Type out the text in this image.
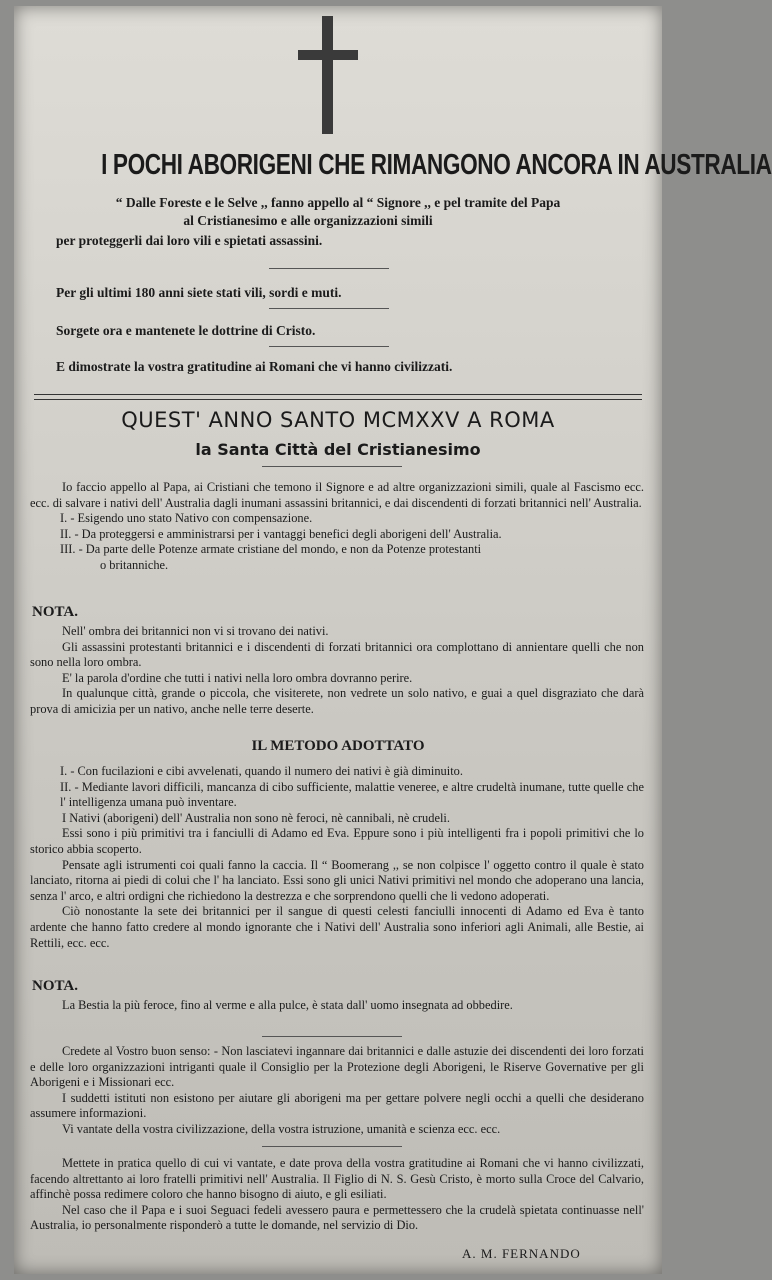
I POCHI ABORIGENI CHE RIMANGONO ANCORA IN AUSTRALIA
“ Dalle Foreste e le Selve ,, fanno appello al “ Signore ,, e pel tramite del Papa
al Cristianesimo e alle organizzazioni simili
per proteggerli dai loro vili e spietati assassini.
Per gli ultimi 180 anni siete stati vili, sordi e muti.
Sorgete ora e mantenete le dottrine di Cristo.
E dimostrate la vostra gratitudine ai Romani che vi hanno civilizzati.
QUEST' ANNO SANTO MCMXXV A ROMA
la Santa Città del Cristianesimo

Io faccio appello al Papa, ai Cristiani che temono il Signore e ad altre organizzazioni simili, quale al Fascismo ecc. ecc. di salvare i nativi dell' Australia dagli inumani assassini britannici, e dai discendenti di forzati britannici nell' Australia.

I. - Esigendo uno stato Nativo con compensazione.

II. - Da proteggersi e amministrarsi per i vantaggi benefici degli aborigeni dell' Australia.

III. - Da parte delle Potenze armate cristiane del mondo, e non da Potenze protestanti

o britanniche.

NOTA.

Nell' ombra dei britannici non vi si trovano dei nativi.

Gli assassini protestanti britannici e i discendenti di forzati britannici ora complottano di annientare quelli che non sono nella loro ombra.

E' la parola d'ordine che tutti i nativi nella loro ombra dovranno perire.

In qualunque città, grande o piccola, che visiterete, non vedrete un solo nativo, e guai a quel disgraziato che darà prova di amicizia per un nativo, anche nelle terre deserte.

IL METODO ADOTTATO

I. - Con fucilazioni e cibi avvelenati, quando il numero dei nativi è già diminuito.

II. - Mediante lavori difficili, mancanza di cibo sufficiente, malattie veneree, e altre crudeltà inumane, tutte quelle che l' intelligenza umana può inventare.

I Nativi (aborigeni) dell' Australia non sono nè feroci, nè cannibali, nè crudeli.

Essi sono i più primitivi tra i fanciulli di Adamo ed Eva. Eppure sono i più intelligenti fra i popoli primitivi che lo storico abbia scoperto.

Pensate agli istrumenti coi quali fanno la caccia. Il “ Boomerang ,, se non colpisce l' oggetto contro il quale è stato lanciato, ritorna ai piedi di colui che l' ha lanciato. Essi sono gli unici Nativi primitivi nel mondo che adoperano una lancia, senza l' arco, e altri ordigni che richiedono la destrezza e che sorprendono quelli che li vedono adoperati.

Ciò nonostante la sete dei britannici per il sangue di questi celesti fanciulli innocenti di Adamo ed Eva è tanto ardente che hanno fatto credere al mondo ignorante che i Nativi dell' Australia sono inferiori agli Animali, alle Bestie, ai Rettili, ecc. ecc.

NOTA.

La Bestia la più feroce, fino al verme e alla pulce, è stata dall' uomo insegnata ad obbedire.

Credete al Vostro buon senso: - Non lasciatevi ingannare dai britannici e dalle astuzie dei discendenti dei loro forzati e delle loro organizzazioni intriganti quale il Consiglio per la Protezione degli Aborigeni, le Riserve Governative per gli Aborigeni e i Missionari ecc.

I suddetti istituti non esistono per aiutare gli aborigeni ma per gettare polvere negli occhi a quelli che desiderano assumere informazioni.

Vi vantate della vostra civilizzazione, della vostra istruzione, umanità e scienza ecc. ecc.

Mettete in pratica quello di cui vi vantate, e date prova della vostra gratitudine ai Romani che vi hanno civilizzati, facendo altrettanto ai loro fratelli primitivi nell' Australia. Il Figlio di N. S. Gesù Cristo, è morto sulla Croce del Calvario, affinchè possa redimere coloro che hanno bisogno di aiuto, e gli esiliati.

Nel caso che il Papa e i suoi Seguaci fedeli avessero paura e permettessero che la crudelà spietata continuasse nell' Australia, io personalmente risponderò a tutte le domande, nel servizio di Dio.

A. M. FERNANDO
